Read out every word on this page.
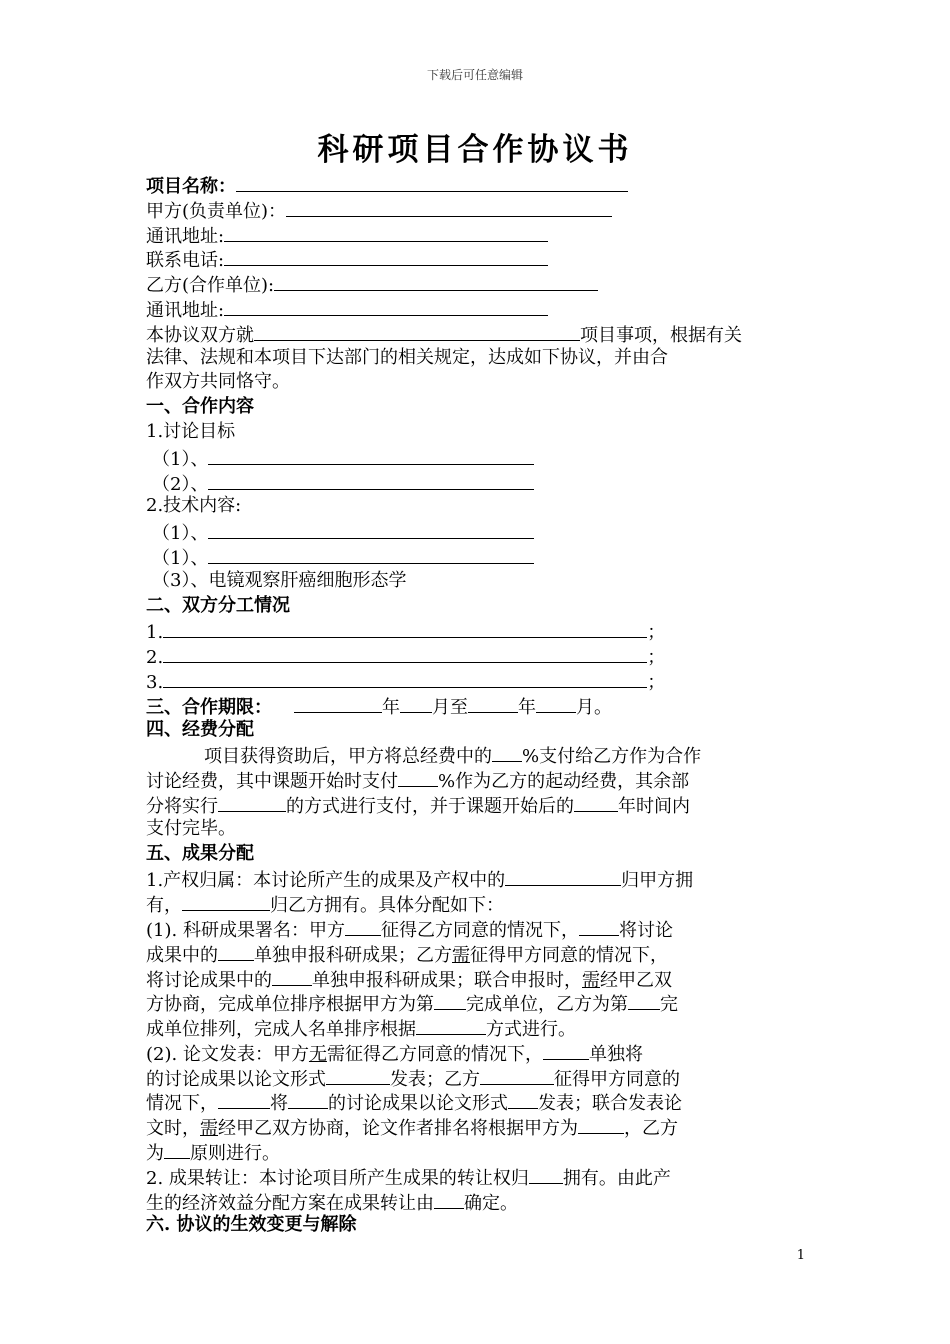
下载后可任意编辑
科研项目合作协议书
项目名称：
甲方(负责单位)：
通讯地址:
联系电话:
乙方(合作单位):
通讯地址:
本协议双方就	项目事项，根据有关
法律、法规和本项目下达部门的相关规定，达成如下协议，并由合
作双方共同恪守。
一、合作内容
1.讨论目标
（1）、
（2）、
2.技术内容:
（1）、
（1）、
（3）、电镜观察肝癌细胞形态学
二、双方分工情况
1.	；
2.	；
3.	；
三、合作期限：	年 月至	年 月。
四、经费分配
项目获得资助后，甲方将总经费中的 %支付给乙方作为合作
讨论经费，其中课题开始时支付 %作为乙方的起动经费，其余部
分将实行	的方式进行支付，并于课题开始后的 年时间内
支付完毕。
五、成果分配
1.产权归属：本讨论所产生的成果及产权中的	归甲方拥
有，	归乙方拥有。具体分配如下：
(1). 科研成果署名：甲方 征得乙方同意的情况下， 将讨论
成果中的 单独申报科研成果；乙方需征得甲方同意的情况下，
将讨论成果中的 单独申报科研成果；联合申报时，需经甲乙双
方协商，完成单位排序根据甲方为第 完成单位，乙方为第 完
成单位排列，完成人名单排序根据	方式进行。
(2). 论文发表：甲方无需征得乙方同意的情况下，	单独将
的讨论成果以论文形式	发表；乙方	征得甲方同意的
情况下，	将 的讨论成果以论文形式 发表；联合发表论
文时，需经甲乙双方协商，论文作者排名将根据甲方为	，乙方
为 原则进行。
2. 成果转让：本讨论项目所产生成果的转让权归 拥有。由此产
生的经济效益分配方案在成果转让由 确定。
六. 协议的生效变更与解除
1
